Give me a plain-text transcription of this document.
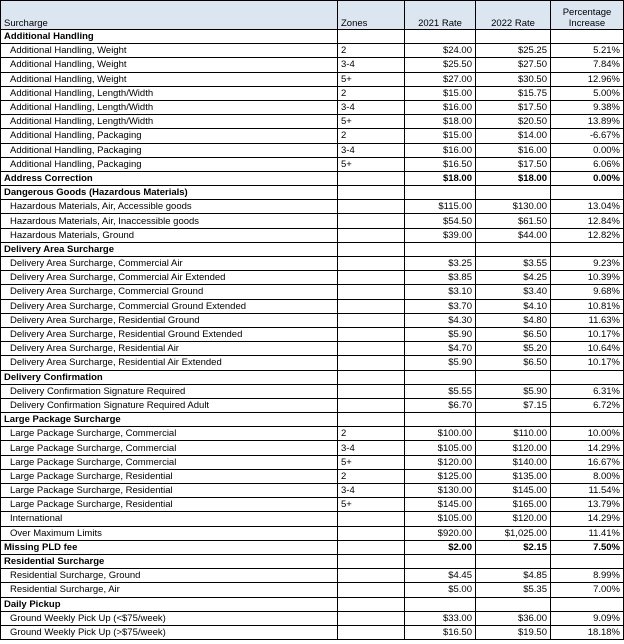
Surcharge	Zones	2021 Rate	2022 Rate	Percentage
Increase
Additional Handling				
Additional Handling, Weight	2	$24.00	$25.25	5.21%
Additional Handling, Weight	3-4	$25.50	$27.50	7.84%
Additional Handling, Weight	5+	$27.00	$30.50	12.96%
Additional Handling, Length/Width	2	$15.00	$15.75	5.00%
Additional Handling, Length/Width	3-4	$16.00	$17.50	9.38%
Additional Handling, Length/Width	5+	$18.00	$20.50	13.89%
Additional Handling, Packaging	2	$15.00	$14.00	-6.67%
Additional Handling, Packaging	3-4	$16.00	$16.00	0.00%
Additional Handling, Packaging	5+	$16.50	$17.50	6.06%
Address Correction		$18.00	$18.00	0.00%
Dangerous Goods (Hazardous Materials)				
Hazardous Materials, Air, Accessible goods		$115.00	$130.00	13.04%
Hazardous Materials, Air, Inaccessible goods		$54.50	$61.50	12.84%
Hazardous Materials, Ground		$39.00	$44.00	12.82%
Delivery Area Surcharge				
Delivery Area Surcharge, Commercial Air		$3.25	$3.55	9.23%
Delivery Area Surcharge, Commercial Air Extended		$3.85	$4.25	10.39%
Delivery Area Surcharge, Commercial Ground		$3.10	$3.40	9.68%
Delivery Area Surcharge, Commercial Ground Extended		$3.70	$4.10	10.81%
Delivery Area Surcharge, Residential Ground		$4.30	$4.80	11.63%
Delivery Area Surcharge, Residential Ground Extended		$5.90	$6.50	10.17%
Delivery Area Surcharge, Residential Air		$4.70	$5.20	10.64%
Delivery Area Surcharge, Residential Air Extended		$5.90	$6.50	10.17%
Delivery Confirmation				
Delivery Confirmation Signature Required		$5.55	$5.90	6.31%
Delivery Confirmation Signature Required Adult		$6.70	$7.15	6.72%
Large Package Surcharge				
Large Package Surcharge, Commercial	2	$100.00	$110.00	10.00%
Large Package Surcharge, Commercial	3-4	$105.00	$120.00	14.29%
Large Package Surcharge, Commercial	5+	$120.00	$140.00	16.67%
Large Package Surcharge, Residential	2	$125.00	$135.00	8.00%
Large Package Surcharge, Residential	3-4	$130.00	$145.00	11.54%
Large Package Surcharge, Residential	5+	$145.00	$165.00	13.79%
International		$105.00	$120.00	14.29%
Over Maximum Limits		$920.00	$1,025.00	11.41%
Missing PLD fee		$2.00	$2.15	7.50%
Residential Surcharge				
Residential Surcharge, Ground		$4.45	$4.85	8.99%
Residential Surcharge, Air		$5.00	$5.35	7.00%
Daily Pickup				
Ground Weekly Pick Up (<$75/week)		$33.00	$36.00	9.09%
Ground Weekly Pick Up (>$75/week)		$16.50	$19.50	18.18%
